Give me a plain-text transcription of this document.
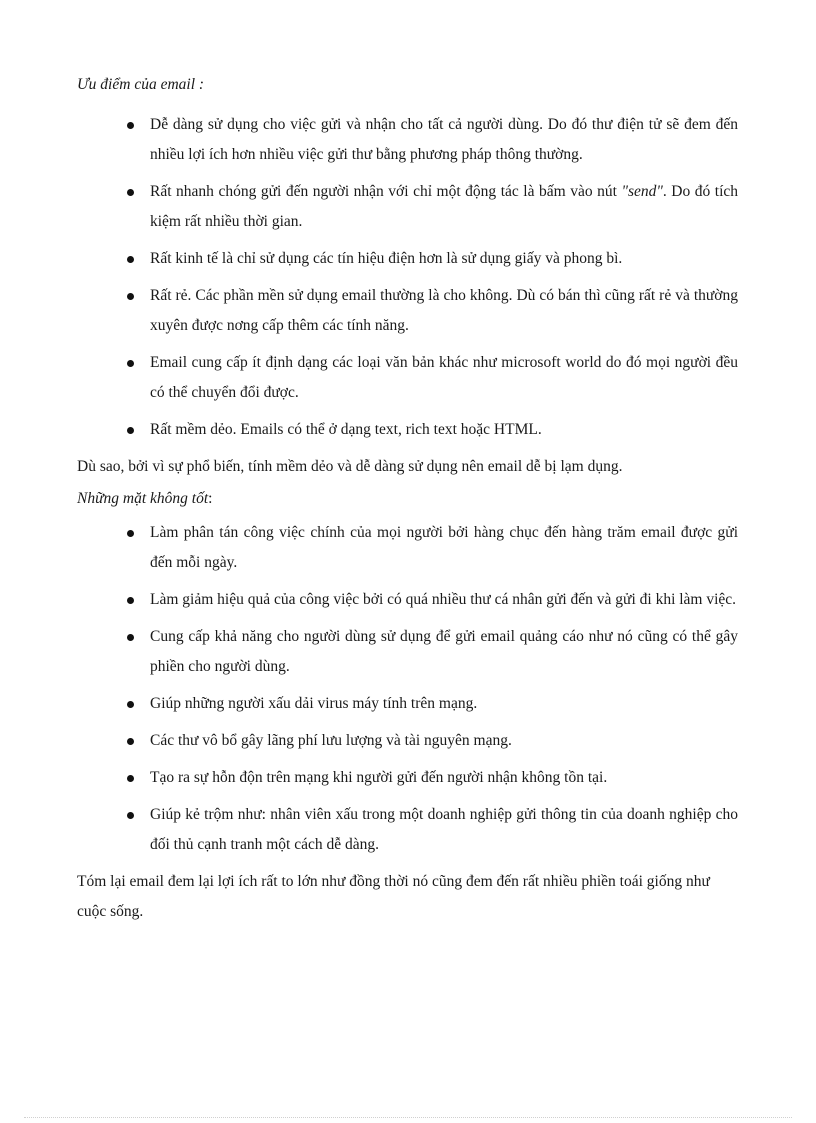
Ưu điểm của email :

Dễ dàng sử dụng cho việc gửi và nhận cho tất cả người dùng. Do đó thư điện tử sẽ đem đến nhiều lợi ích hơn nhiều việc gửi thư bằng phương pháp thông thường.
Rất nhanh chóng gửi đến người nhận với chỉ một động tác là bấm vào nút "send". Do đó tích kiệm rất nhiều thời gian.
Rất kinh tế là chỉ sử dụng các tín hiệu điện hơn là sử dụng giấy và phong bì.
Rất rẻ. Các phần mền sử dụng email thường là cho không. Dù có bán thì cũng rất rẻ và thường xuyên được nơng cấp thêm các tính năng.
Email cung cấp ít định dạng các loại văn bản khác như microsoft world do đó mọi người đều có thể chuyển đổi được.
Rất mềm dẻo. Emails có thể ở dạng text, rich text hoặc HTML.

Dù sao, bởi vì sự phổ biến, tính mềm dẻo và dễ dàng sử dụng nên email dễ bị lạm dụng.

Những mặt không tốt:

Làm phân tán công việc chính của mọi người bởi hàng chục đến hàng trăm email được gửi đến mỗi ngày.
Làm giảm hiệu quả của công việc bởi có quá nhiều thư cá nhân gửi đến và gửi đi khi làm việc.
Cung cấp khả năng cho người dùng sử dụng để gửi email quảng cáo như nó cũng có thể gây phiền cho người dùng.
Giúp những người xấu dải virus máy tính trên mạng.
Các thư vô bổ gây lãng phí lưu lượng và tài nguyên mạng.
Tạo ra sự hỗn độn trên mạng khi người gửi đến người nhận không tồn tại.
Giúp kẻ trộm như: nhân viên xấu trong một doanh nghiệp gửi thông tin của doanh nghiệp cho đối thủ cạnh tranh một cách dễ dàng.

Tóm lại email đem lại lợi ích rất to lớn như đồng thời nó cũng đem đến rất nhiều phiền toái giống như cuộc sống.
